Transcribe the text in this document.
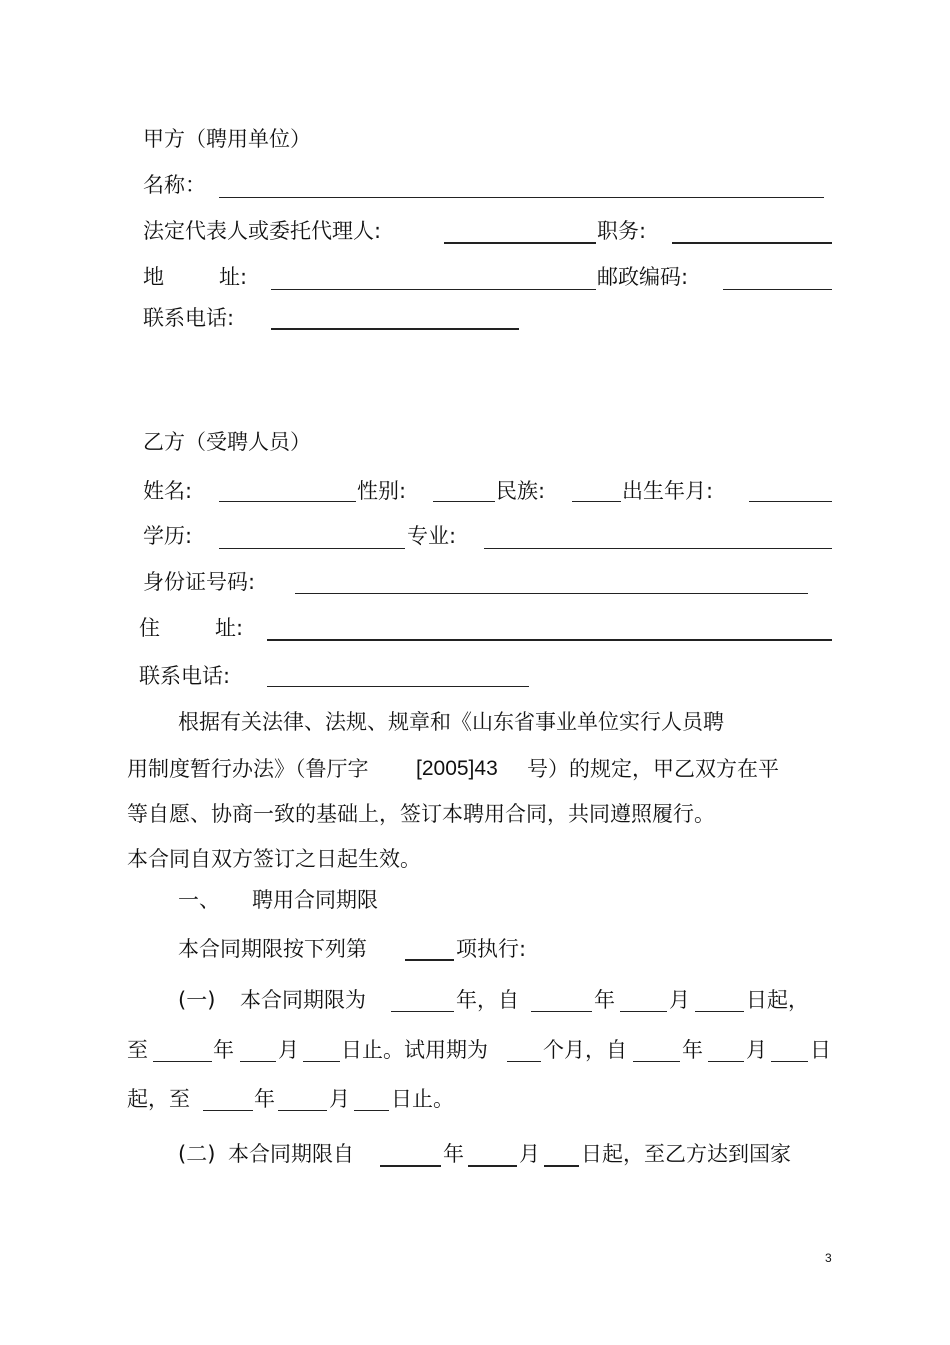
甲方（聘用单位）
名称：
法定代表人或委托代理人:	职务:
地	址:	邮政编码:
联系电话:
乙方（受聘人员）
姓名:	性别:	民族:	出生年月:
学历:	专业:
身份证号码:
住	址:
联系电话:
根据有关法律、法规、规章和《山东省事业单位实行人员聘
用制度暂行办法》（鲁厅字 [2005]43 号）的规定，甲乙双方在平
等自愿、协商一致的基础上，签订本聘用合同，共同遵照履行。
本合同自双方签订之日起生效。
一、 聘用合同期限
本合同期限按下列第	项执行:
(一) 本合同期限为	年，自	年	月	日起，
至	年 月 日止。试用期为	个月，自	年 月 日
起，至	年	月 日止。
(二) 本合同期限自	年	月 日起，至乙方达到国家
3
